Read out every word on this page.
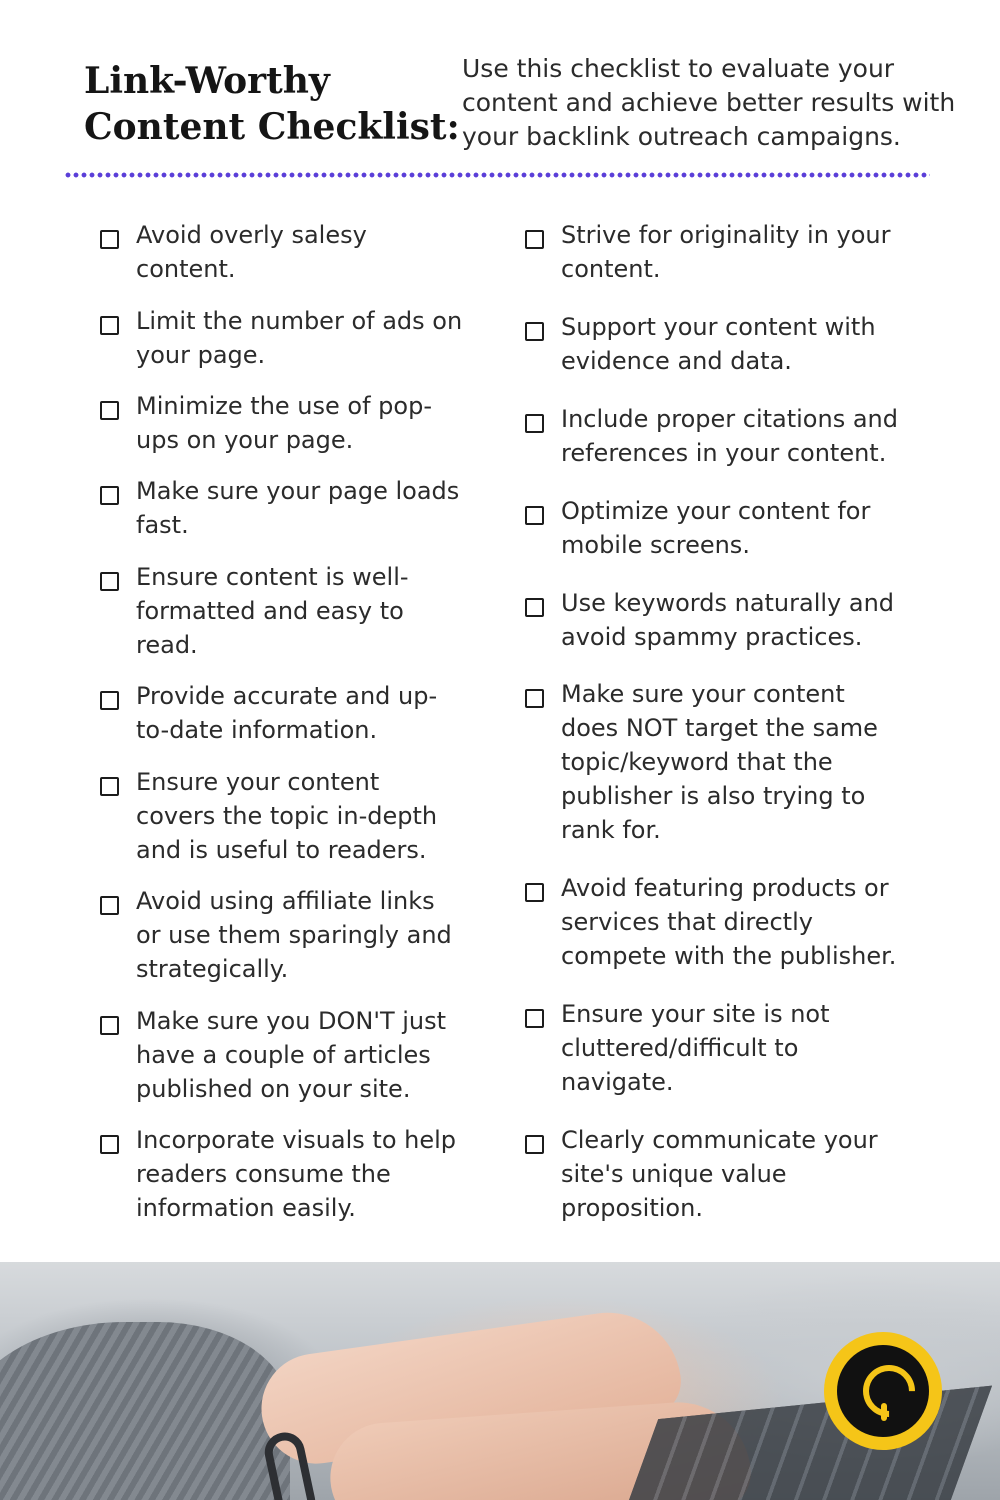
Link-Worthy
Content Checklist:

Use this checklist to evaluate your
content and achieve better results with
your backlink outreach campaigns.

Avoid overly salesy
content.
Limit the number of ads on
your page.
Minimize the use of pop-
ups on your page.
Make sure your page loads
fast.
Ensure content is well-
formatted and easy to
read.
Provide accurate and up-
to-date information.
Ensure your content
covers the topic in-depth
and is useful to readers.
Avoid using affiliate links
or use them sparingly and
strategically.
Make sure you DON'T just
have a couple of articles
published on your site.
Incorporate visuals to help
readers consume the
information easily.
Strive for originality in your
content.
Support your content with
evidence and data.
Include proper citations and
references in your content.
Optimize your content for
mobile screens.
Use keywords naturally and
avoid spammy practices.
Make sure your content
does NOT target the same
topic/keyword that the
publisher is also trying to
rank for.
Avoid featuring products or
services that directly
compete with the publisher.
Ensure your site is not
cluttered/difficult to
navigate.
Clearly communicate your
site's unique value
proposition.
